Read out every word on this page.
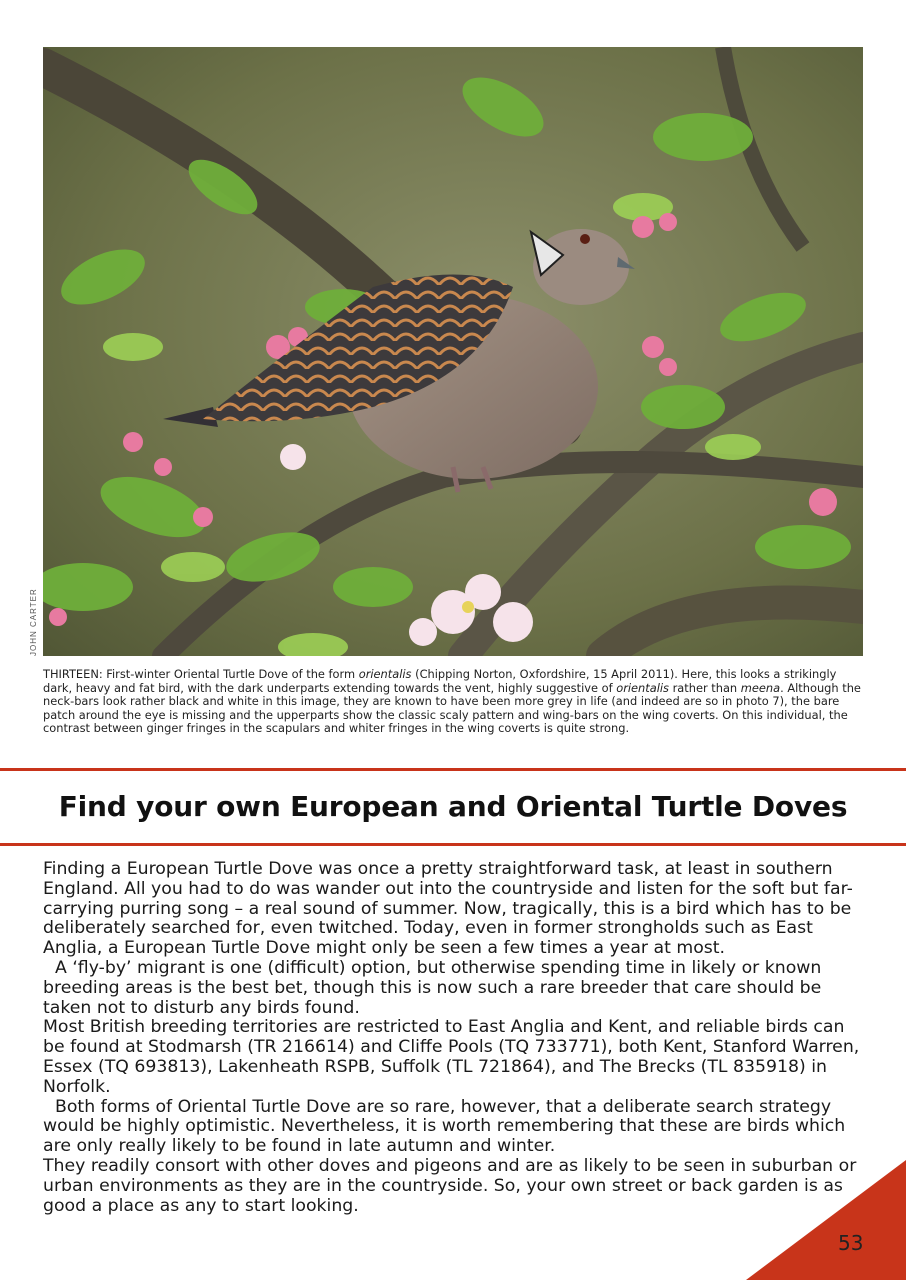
JOHN CARTER
THIRTEEN: First-winter Oriental Turtle Dove of the form orientalis (Chipping Norton, Oxfordshire, 15 April 2011). Here, this looks a strikingly dark, heavy and fat bird, with the dark underparts extending towards the vent, highly suggestive of orientalis rather than meena. Although the neck-bars look rather black and white in this image, they are known to have been more grey in life (and indeed are so in photo 7), the bare patch around the eye is missing and the upperparts show the classic scaly pattern and wing-bars on the wing coverts. On this individual, the contrast between ginger fringes in the scapulars and whiter fringes in the wing coverts is quite strong.
Find your own European and Oriental Turtle Doves

Finding a European Turtle Dove was once a pretty straightforward task, at least in southern England. All you had to do was wander out into the countryside and listen for the soft but far-carrying purring song – a real sound of summer. Now, tragically, this is a bird which has to be deliberately searched for, even twitched. Today, even in former strongholds such as East Anglia, a European Turtle Dove might only be seen a few times a year at most.

A ‘fly-by’ migrant is one (difficult) option, but otherwise spending time in likely or known breeding areas is the best bet, though this is now such a rare breeder that care should be taken not to disturb any birds found.

Most British breeding territories are restricted to East Anglia and Kent, and reliable birds can be found at Stodmarsh (TR 216614) and Cliffe Pools (TQ 733771), both Kent, Stanford Warren, Essex (TQ 693813), Lakenheath RSPB, Suffolk (TL 721864), and The Brecks (TL 835918) in Norfolk.

Both forms of Oriental Turtle Dove are so rare, however, that a deliberate search strategy would be highly optimistic. Nevertheless, it is worth remembering that these are birds which are only really likely to be found in late autumn and winter.

They readily consort with other doves and pigeons and are as likely to be seen in suburban or urban environments as they are in the countryside. So, your own street or back garden is as good a place as any to start looking.

53
